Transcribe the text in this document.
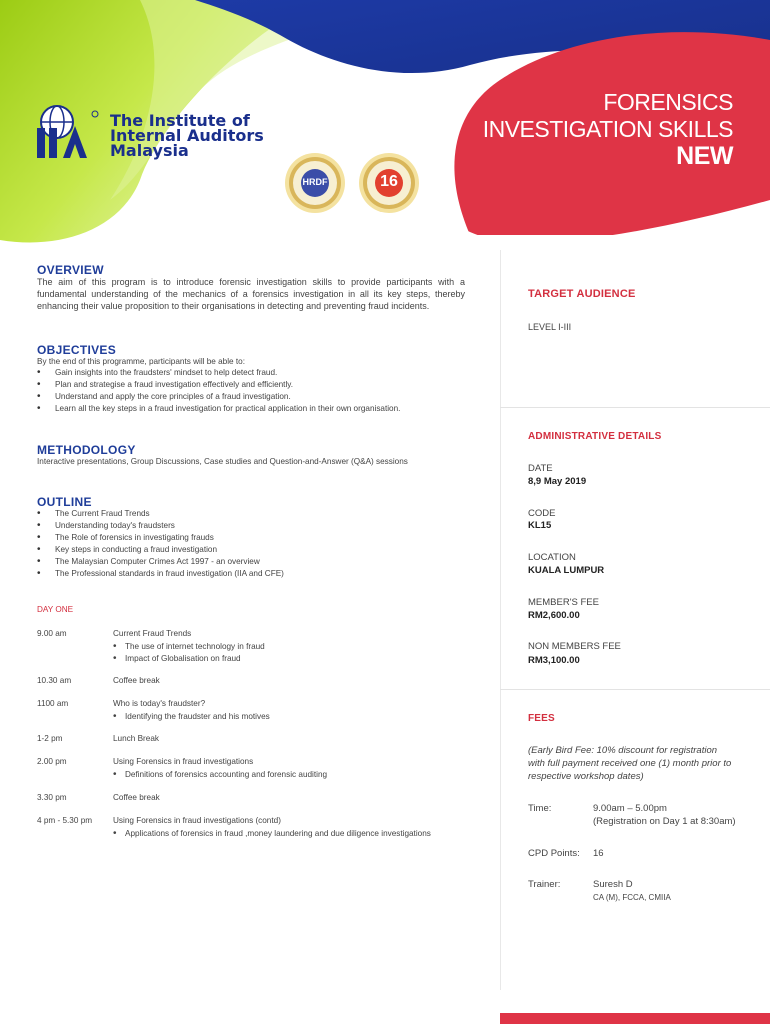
HRDF	16
The Institute of
Internal Auditors
Malaysia
FORENSICS
INVESTIGATION SKILLS
NEW
OVERVIEW
The aim of this program is to introduce forensic investigation skills to provide participants with a fundamental understanding of the mechanics of a forensics investigation in all its key steps, thereby enhancing their value proposition to their organisations in detecting and preventing fraud incidents.
OBJECTIVES
By the end of this programme, participants will be able to:
• Gain insights into the fraudsters' mindset to help detect fraud.
• Plan and strategise a fraud investigation effectively and efficiently.
• Understand and apply the core principles of a fraud investigation.
• Learn all the key steps in a fraud investigation for practical application in their own organisation.
METHODOLOGY
Interactive presentations, Group Discussions, Case studies and Question-and-Answer (Q&A) sessions
OUTLINE
• The Current Fraud Trends
• Understanding today's fraudsters
• The Role of forensics in investigating frauds
• Key steps in conducting a fraud investigation
• The Malaysian Computer Crimes Act 1997 - an overview
• The Professional standards in fraud investigation (IIA and CFE)
DAY ONE
9.00 am	Current Fraud Trends
• The use of internet technology in fraud
• Impact of Globalisation on fraud
10.30 am	Coffee break
1100 am	Who is today's fraudster?
• Identifying the fraudster and his motives
1-2 pm	Lunch Break
2.00 pm	Using Forensics in fraud investigations
• Definitions of forensics accounting and forensic auditing
3.30 pm	Coffee break
4 pm - 5.30 pm	Using Forensics in fraud investigations (contd)
• Applications of forensics in fraud ,money laundering and due diligence investigations
TARGET AUDIENCE
LEVEL I-III
ADMINISTRATIVE DETAILS
DATE
8,9 May 2019
CODE
KL15
LOCATION
KUALA LUMPUR
MEMBER'S FEE
RM2,600.00
NON MEMBERS FEE
RM3,100.00
FEES
(Early Bird Fee: 10% discount for registration
with full payment received one (1) month prior to
respective workshop dates)
Time:	9.00am – 5.00pm
(Registration on Day 1 at 8:30am)
CPD Points: 16
Trainer:	Suresh D
CA (M), FCCA, CMIIA
